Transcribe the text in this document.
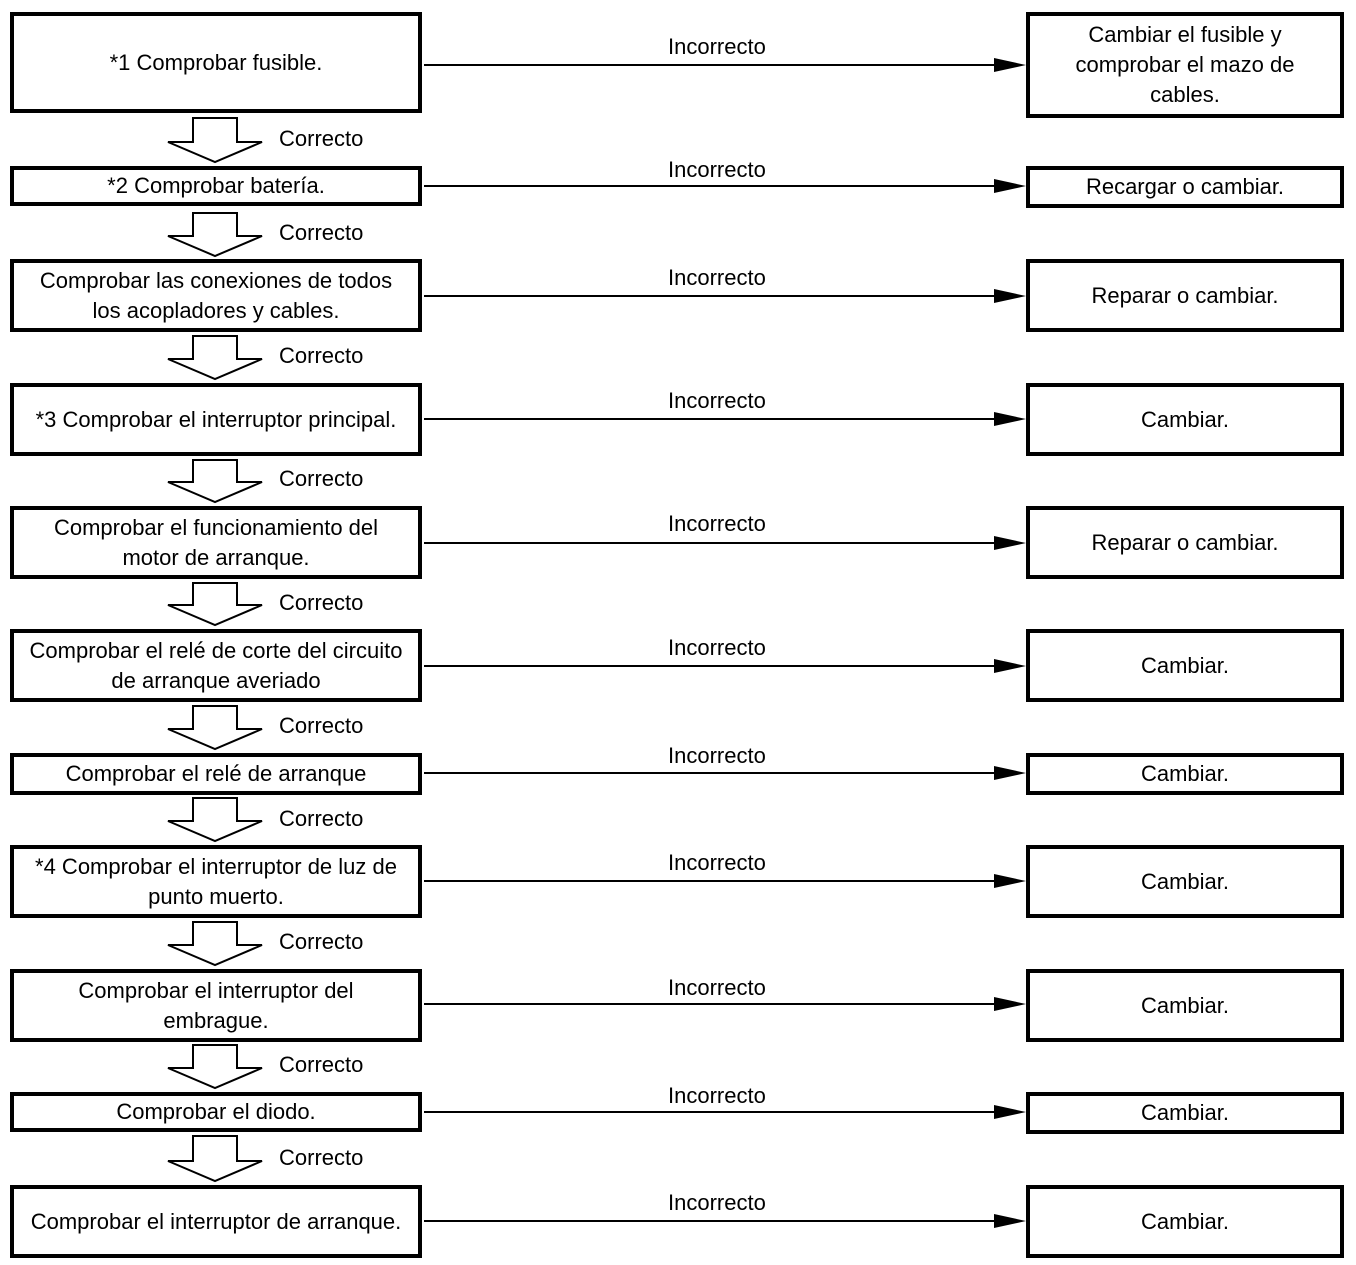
*1 Comprobar fusible.
Incorrecto	Cambiar el fusible y comprobar el mazo de cables.
Correcto
*2 Comprobar batería.
Incorrecto
Recargar o cambiar.
Correcto
Comprobar las conexiones de todos los acopladores y cables.
Incorrecto
Reparar o cambiar.
Correcto
*3 Comprobar el interruptor principal.
Incorrecto
Cambiar.
Correcto
Comprobar el funcionamiento del motor de arranque.
Incorrecto
Reparar o cambiar.
Correcto
Comprobar el relé de corte del circuito de arranque averiado
Incorrecto
Cambiar.
Correcto
Comprobar el relé de arranque
Incorrecto
Cambiar.
Correcto
*4 Comprobar el interruptor de luz de punto muerto.
Incorrecto
Cambiar.
Correcto
Comprobar el interruptor del embrague.
Incorrecto
Cambiar.
Correcto
Comprobar el diodo.
Incorrecto
Cambiar.
Correcto
Comprobar el interruptor de arranque.
Incorrecto
Cambiar.
